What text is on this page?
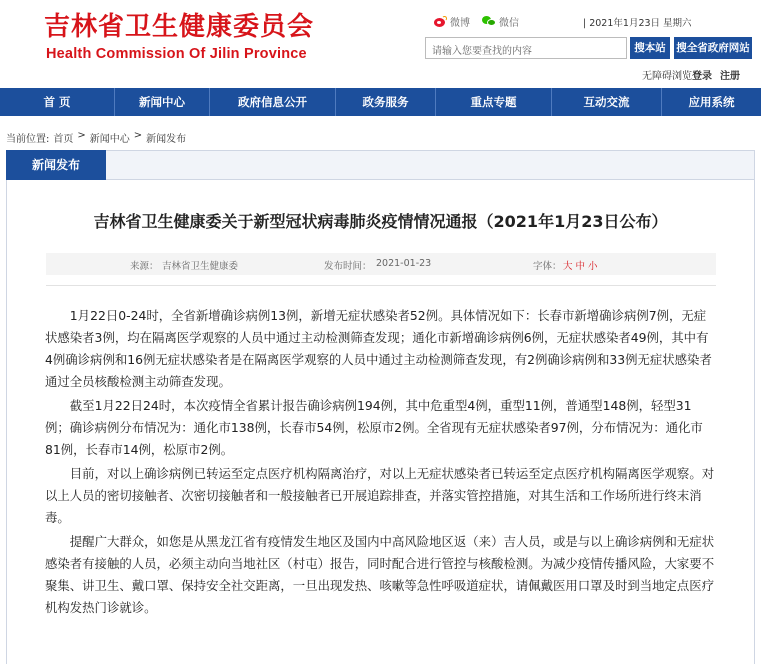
吉林省卫生健康委员会
Health Commission Of Jilin Province
微博	微信	| 2021年1月23日 星期六
请输入您要查找的内容	搜本站	搜全省政府网站
无障碍浏览登录 注册
首 页	新闻中心	政府信息公开	政务服务	重点专题	互动交流	应用系统
当前位置: 首页 > 新闻中心 > 新闻发布
新闻发布
吉林省卫生健康委关于新型冠状病毒肺炎疫情情况通报（2021年1月23日公布）
来源： 吉林省卫生健康委	发布时间： 2021-01-23	字体： 大 中 小

1月22日0-24时，全省新增确诊病例13例，新增无症状感染者52例。具体情况如下：长春市新增确诊病例7例，无症状感染者3例，均在隔离医学观察的人员中通过主动检测筛查发现；通化市新增确诊病例6例，无症状感染者49例，其中有4例确诊病例和16例无症状感染者是在隔离医学观察的人员中通过主动检测筛查发现，有2例确诊病例和33例无症状感染者通过全员核酸检测主动筛查发现。

截至1月22日24时，本次疫情全省累计报告确诊病例194例，其中危重型4例，重型11例，普通型148例，轻型31例；确诊病例分布情况为：通化市138例，长春市54例，松原市2例。全省现有无症状感染者97例，分布情况为：通化市81例，长春市14例，松原市2例。

目前，对以上确诊病例已转运至定点医疗机构隔离治疗，对以上无症状感染者已转运至定点医疗机构隔离医学观察。对以上人员的密切接触者、次密切接触者和一般接触者已开展追踪排查，并落实管控措施，对其生活和工作场所进行终末消毒。

提醒广大群众，如您是从黑龙江省有疫情发生地区及国内中高风险地区返（来）吉人员，或是与以上确诊病例和无症状感染者有接触的人员，必须主动向当地社区（村屯）报告，同时配合进行管控与核酸检测。为减少疫情传播风险，大家要不聚集、讲卫生、戴口罩、保持安全社交距离，一旦出现发热、咳嗽等急性呼吸道症状，请佩戴医用口罩及时到当地定点医疗机构发热门诊就诊。
